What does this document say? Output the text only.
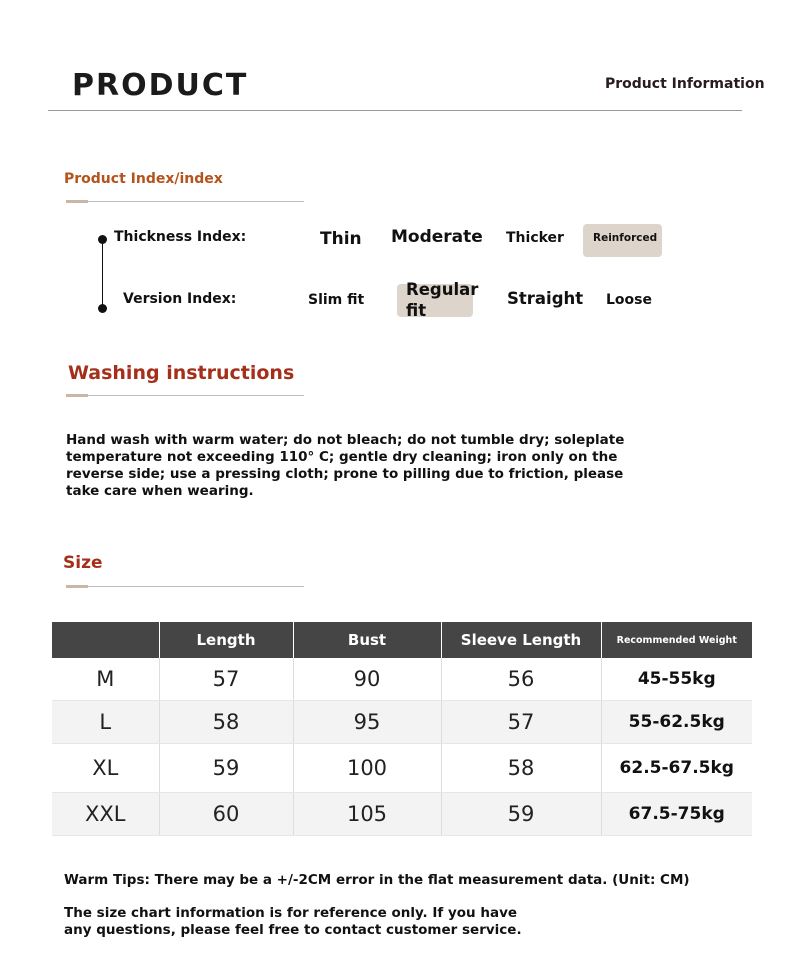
PRODUCT	Product Information
Product Index/index
Thickness Index:	Thin Moderate Thicker	Reinforced
Version Index:	Slim fit
Regular fit
Straight Loose
Washing instructions
Hand wash with warm water; do not bleach; do not tumble dry; soleplate temperature not exceeding 110° C; gentle dry cleaning; iron only on the reverse side; use a pressing cloth; prone to pilling due to friction, please take care when wearing.
Size
	Length	Bust	Sleeve Length	Recommended Weight
M	57	90	56	45-55kg
L	58	95	57	55-62.5kg
XL	59	100	58	62.5-67.5kg
XXL	60	105	59	67.5-75kg
Warm Tips: There may be a +/-2CM error in the flat measurement data. (Unit: CM)
The size chart information is for reference only. If you have any questions, please feel free to contact customer service.
